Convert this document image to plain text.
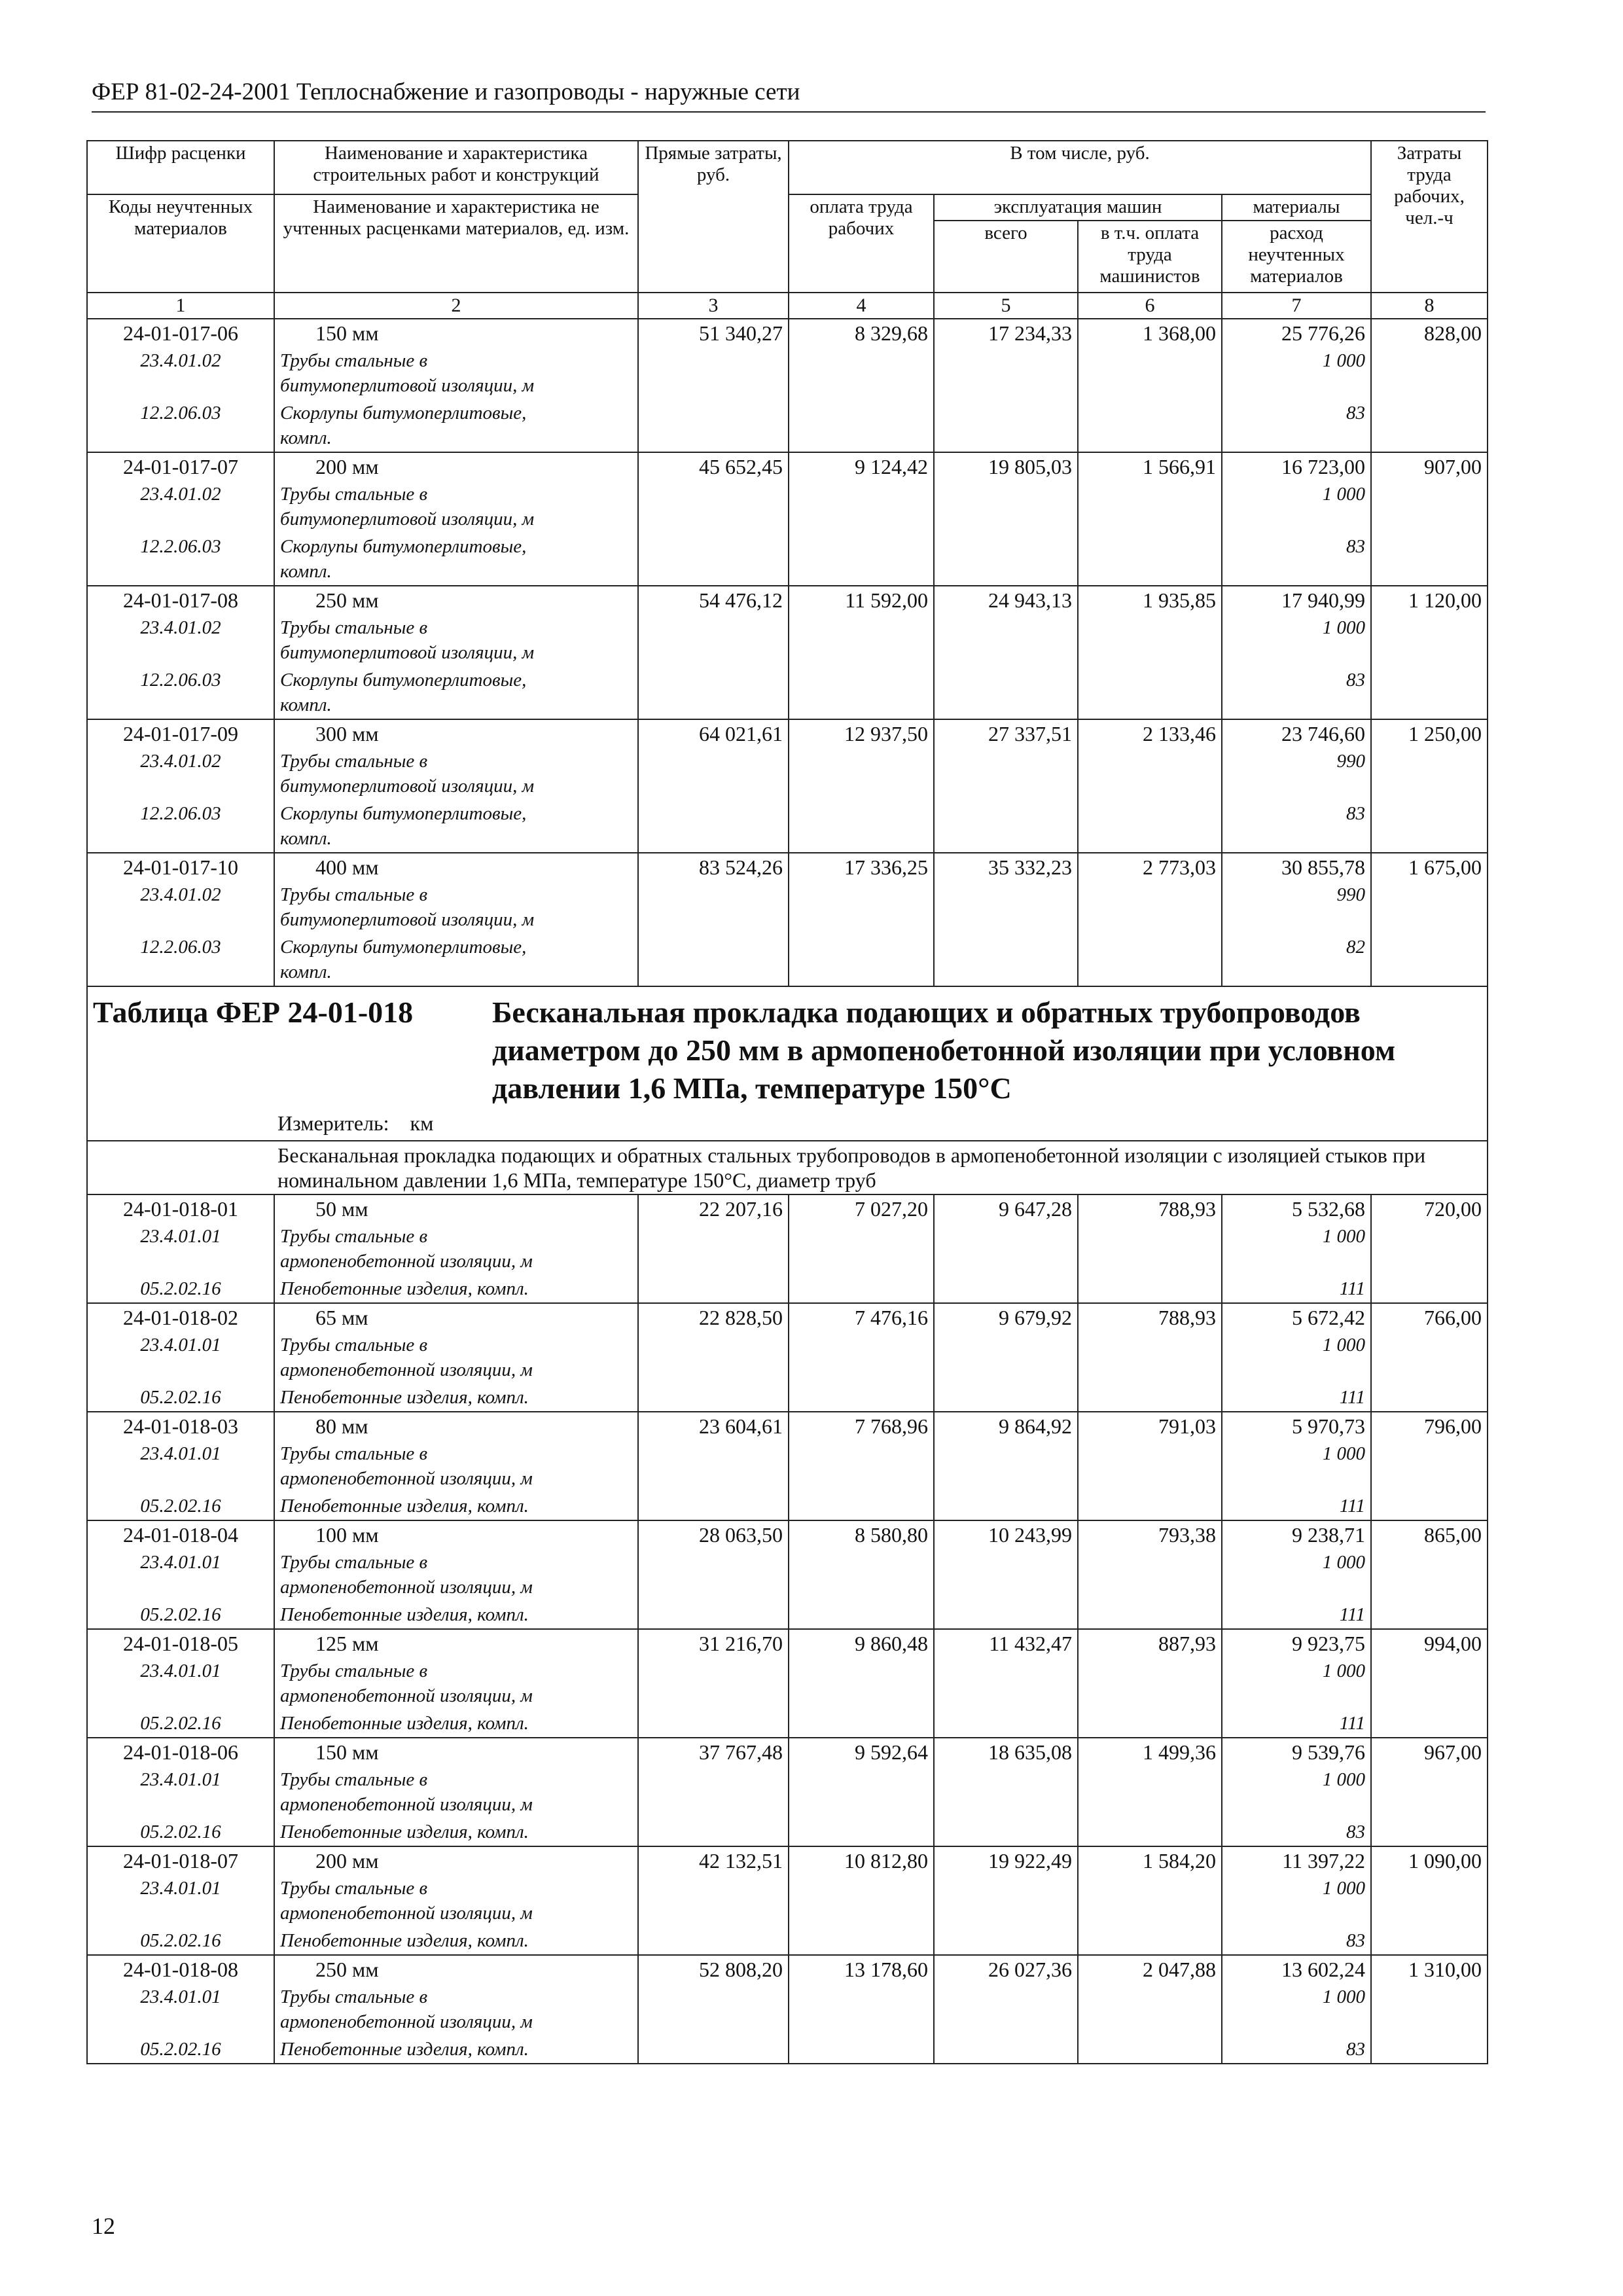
ФЕР 81-02-24-2001 Теплоснабжение и газопроводы - наружные сети
Шифр расценки	Наименование и характеристика строительных работ и конструкций	Прямые затраты, руб.	В том числе, руб.				Затраты труда рабочих, чел.-ч
Коды неучтенных материалов	Наименование и характеристика не учтенных расценками материалов, ед. изм.		оплата труда рабочих	эксплуатация машин		материалы	
				всего	в т.ч. оплата труда машинистов	расход неучтенных материалов	
1	2	3	4	5	6	7	8
24-01-017-06	150 мм	51 340,27	8 329,68	17 234,33	1 368,00	25 776,26	828,00
23.4.01.02	Трубы стальные в
битумоперлитовой изоляции, м					1 000	
12.2.06.03	Скорлупы битумоперлитовые,
компл.					83	
24-01-017-07	200 мм	45 652,45	9 124,42	19 805,03	1 566,91	16 723,00	907,00
23.4.01.02	Трубы стальные в
битумоперлитовой изоляции, м					1 000	
12.2.06.03	Скорлупы битумоперлитовые,
компл.					83	
24-01-017-08	250 мм	54 476,12	11 592,00	24 943,13	1 935,85	17 940,99	1 120,00
23.4.01.02	Трубы стальные в
битумоперлитовой изоляции, м					1 000	
12.2.06.03	Скорлупы битумоперлитовые,
компл.					83	
24-01-017-09	300 мм	64 021,61	12 937,50	27 337,51	2 133,46	23 746,60	1 250,00
23.4.01.02	Трубы стальные в
битумоперлитовой изоляции, м					990	
12.2.06.03	Скорлупы битумоперлитовые,
компл.					83	
24-01-017-10	400 мм	83 524,26	17 336,25	35 332,23	2 773,03	30 855,78	1 675,00
23.4.01.02	Трубы стальные в
битумоперлитовой изоляции, м					990	
12.2.06.03	Скорлупы битумоперлитовые,
компл.					82	

Таблица ФЕР 24-01-018 Бесканальная прокладка подающих и обратных трубопроводов диаметром до 250 мм в армопенобетонной изоляции при условном давлении 1,6 МПа, температуре 150°С
Измеритель: км							

Бесканальная прокладка подающих и обратных стальных трубопроводов в армопенобетонной изоляции с изоляцией стыков при номинальном давлении 1,6 МПа, температуре 150°С, диаметр труб							

24-01-018-01	50 мм	22 207,16	7 027,20	9 647,28	788,93	5 532,68	720,00
23.4.01.01	Трубы стальные в
армопенобетонной изоляции, м					1 000	
05.2.02.16	Пенобетонные изделия, компл.					111	
24-01-018-02	65 мм	22 828,50	7 476,16	9 679,92	788,93	5 672,42	766,00
23.4.01.01	Трубы стальные в
армопенобетонной изоляции, м					1 000	
05.2.02.16	Пенобетонные изделия, компл.					111	
24-01-018-03	80 мм	23 604,61	7 768,96	9 864,92	791,03	5 970,73	796,00
23.4.01.01	Трубы стальные в
армопенобетонной изоляции, м					1 000	
05.2.02.16	Пенобетонные изделия, компл.					111	
24-01-018-04	100 мм	28 063,50	8 580,80	10 243,99	793,38	9 238,71	865,00
23.4.01.01	Трубы стальные в
армопенобетонной изоляции, м					1 000	
05.2.02.16	Пенобетонные изделия, компл.					111	
24-01-018-05	125 мм	31 216,70	9 860,48	11 432,47	887,93	9 923,75	994,00
23.4.01.01	Трубы стальные в
армопенобетонной изоляции, м					1 000	
05.2.02.16	Пенобетонные изделия, компл.					111	
24-01-018-06	150 мм	37 767,48	9 592,64	18 635,08	1 499,36	9 539,76	967,00
23.4.01.01	Трубы стальные в
армопенобетонной изоляции, м					1 000	
05.2.02.16	Пенобетонные изделия, компл.					83	
24-01-018-07	200 мм	42 132,51	10 812,80	19 922,49	1 584,20	11 397,22	1 090,00
23.4.01.01	Трубы стальные в
армопенобетонной изоляции, м					1 000	
05.2.02.16	Пенобетонные изделия, компл.					83	
24-01-018-08	250 мм	52 808,20	13 178,60	26 027,36	2 047,88	13 602,24	1 310,00
23.4.01.01	Трубы стальные в
армопенобетонной изоляции, м					1 000	
05.2.02.16	Пенобетонные изделия, компл.					83	
12
